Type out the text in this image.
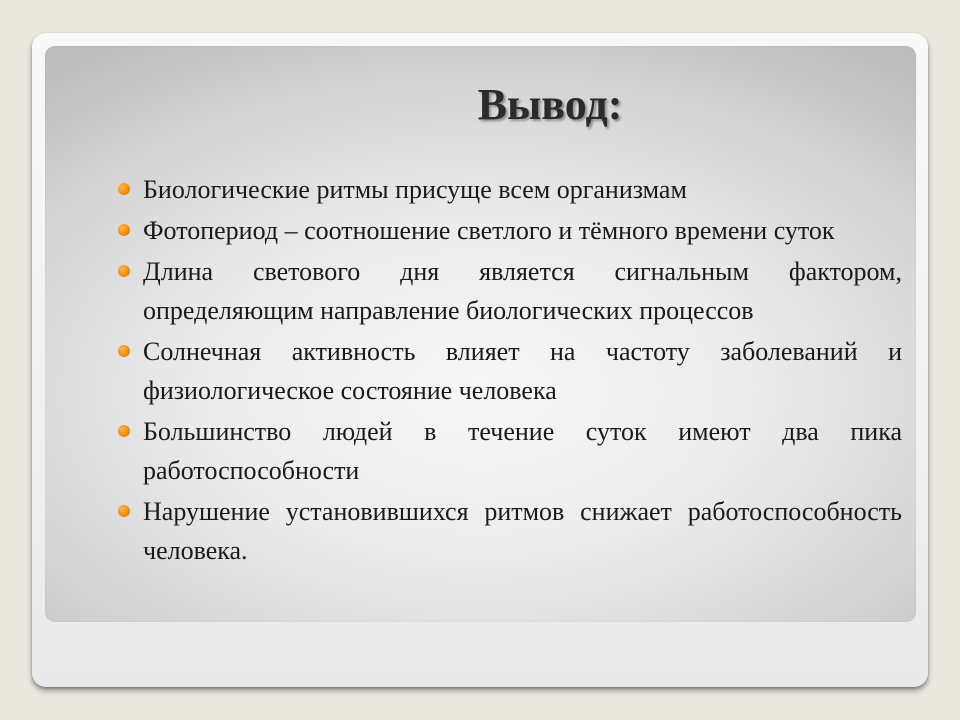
Вывод:
Биологические ритмы присуще всем организмам
Фотопериод – соотношение светлого и тёмного времени суток
Длина светового дня является сигнальным фактором, определяющим направление биологических процессов
Солнечная активность влияет на частоту заболеваний и физиологическое состояние человека
Большинство людей в течение суток имеют два пика работоспособности
Нарушение установившихся ритмов снижает работоспособность человека.
